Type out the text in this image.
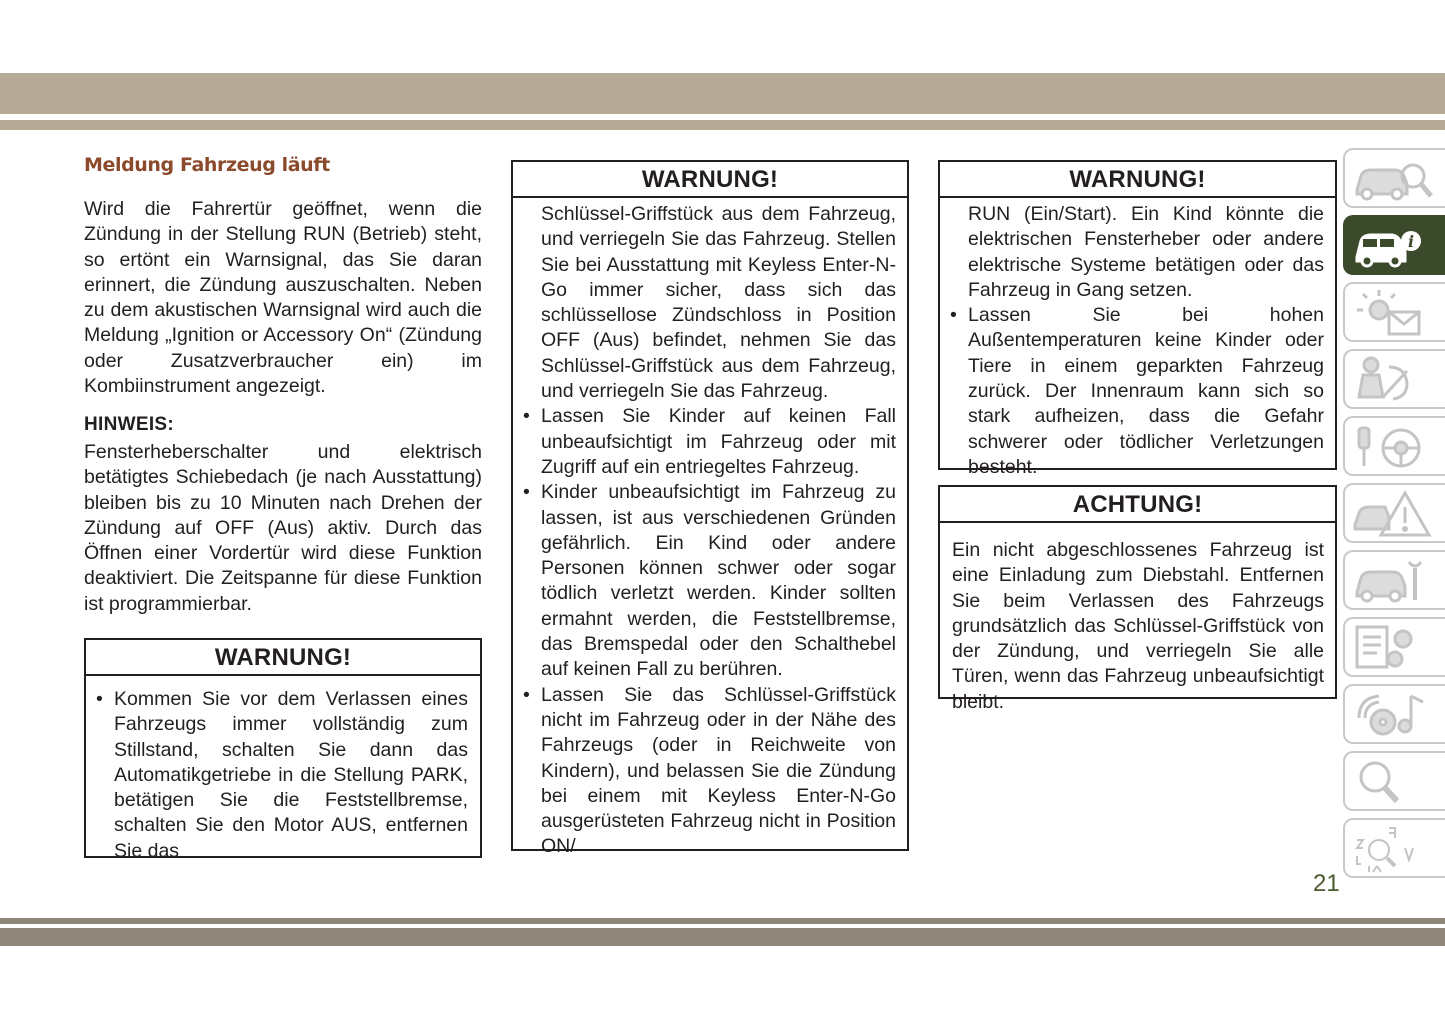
Meldung Fahrzeug läuft

Wird die Fahrertür geöffnet, wenn die Zündung in der Stellung RUN (Betrieb) steht, so ertönt ein Warnsignal, das Sie daran erinnert, die Zündung auszuschalten. Neben zu dem akustischen Warnsignal wird auch die Meldung „Ignition or Accessory On“ (Zündung oder Zusatzverbraucher ein) im Kombiinstrument angezeigt.

HINWEIS:

Fensterheberschalter und elektrisch betätigtes Schiebedach (je nach Ausstattung) bleiben bis zu 10 Minuten nach Drehen der Zündung auf OFF (Aus) aktiv. Durch das Öffnen einer Vordertür wird diese Funktion deaktiviert. Die Zeitspanne für diese Funktion ist programmierbar.

WARNUNG!
• Kommen Sie vor dem Verlassen eines Fahrzeugs immer vollständig zum Stillstand, schalten Sie dann das Automatikgetriebe in die Stellung PARK, betätigen Sie die Feststellbremse, schalten Sie den Motor AUS, entfernen Sie das
WARNUNG!
Schlüssel-Griffstück aus dem Fahrzeug, und verriegeln Sie das Fahrzeug. Stellen Sie bei Ausstattung mit Keyless Enter-N-Go immer sicher, dass sich das schlüssellose Zündschloss in Position OFF (Aus) befindet, nehmen Sie das Schlüssel-Griffstück aus dem Fahrzeug, und verriegeln Sie das Fahrzeug.
• Lassen Sie Kinder auf keinen Fall unbeaufsichtigt im Fahrzeug oder mit Zugriff auf ein entriegeltes Fahrzeug.
• Kinder unbeaufsichtigt im Fahrzeug zu lassen, ist aus verschiedenen Gründen gefährlich. Ein Kind oder andere Personen können schwer oder sogar tödlich verletzt werden. Kinder sollten ermahnt werden, die Feststellbremse, das Bremspedal oder den Schalthebel auf keinen Fall zu berühren.
• Lassen Sie das Schlüssel-Griffstück nicht im Fahrzeug oder in der Nähe des Fahrzeugs (oder in Reichweite von Kindern), und belassen Sie die Zündung bei einem mit Keyless Enter-N-Go ausgerüsteten Fahrzeug nicht in Position ON/
WARNUNG!
RUN (Ein/Start). Ein Kind könnte die elektrischen Fensterheber oder andere elektrische Systeme betätigen oder das Fahrzeug in Gang setzen.
• Lassen Sie bei hohen Außentemperaturen keine Kinder oder Tiere in einem geparkten Fahrzeug zurück. Der Innenraum kann sich so stark aufheizen, dass die Gefahr schwerer oder tödlicher Verletzungen besteht.
ACHTUNG!

Ein nicht abgeschlossenes Fahrzeug ist eine Einladung zum Diebstahl. Entfernen Sie beim Verlassen des Fahrzeugs grundsätzlich das Schlüssel-Griffstück von der Zündung, und verriegeln Sie alle Türen, wenn das Fahrzeug unbeaufsichtigt bleibt.

i

21
